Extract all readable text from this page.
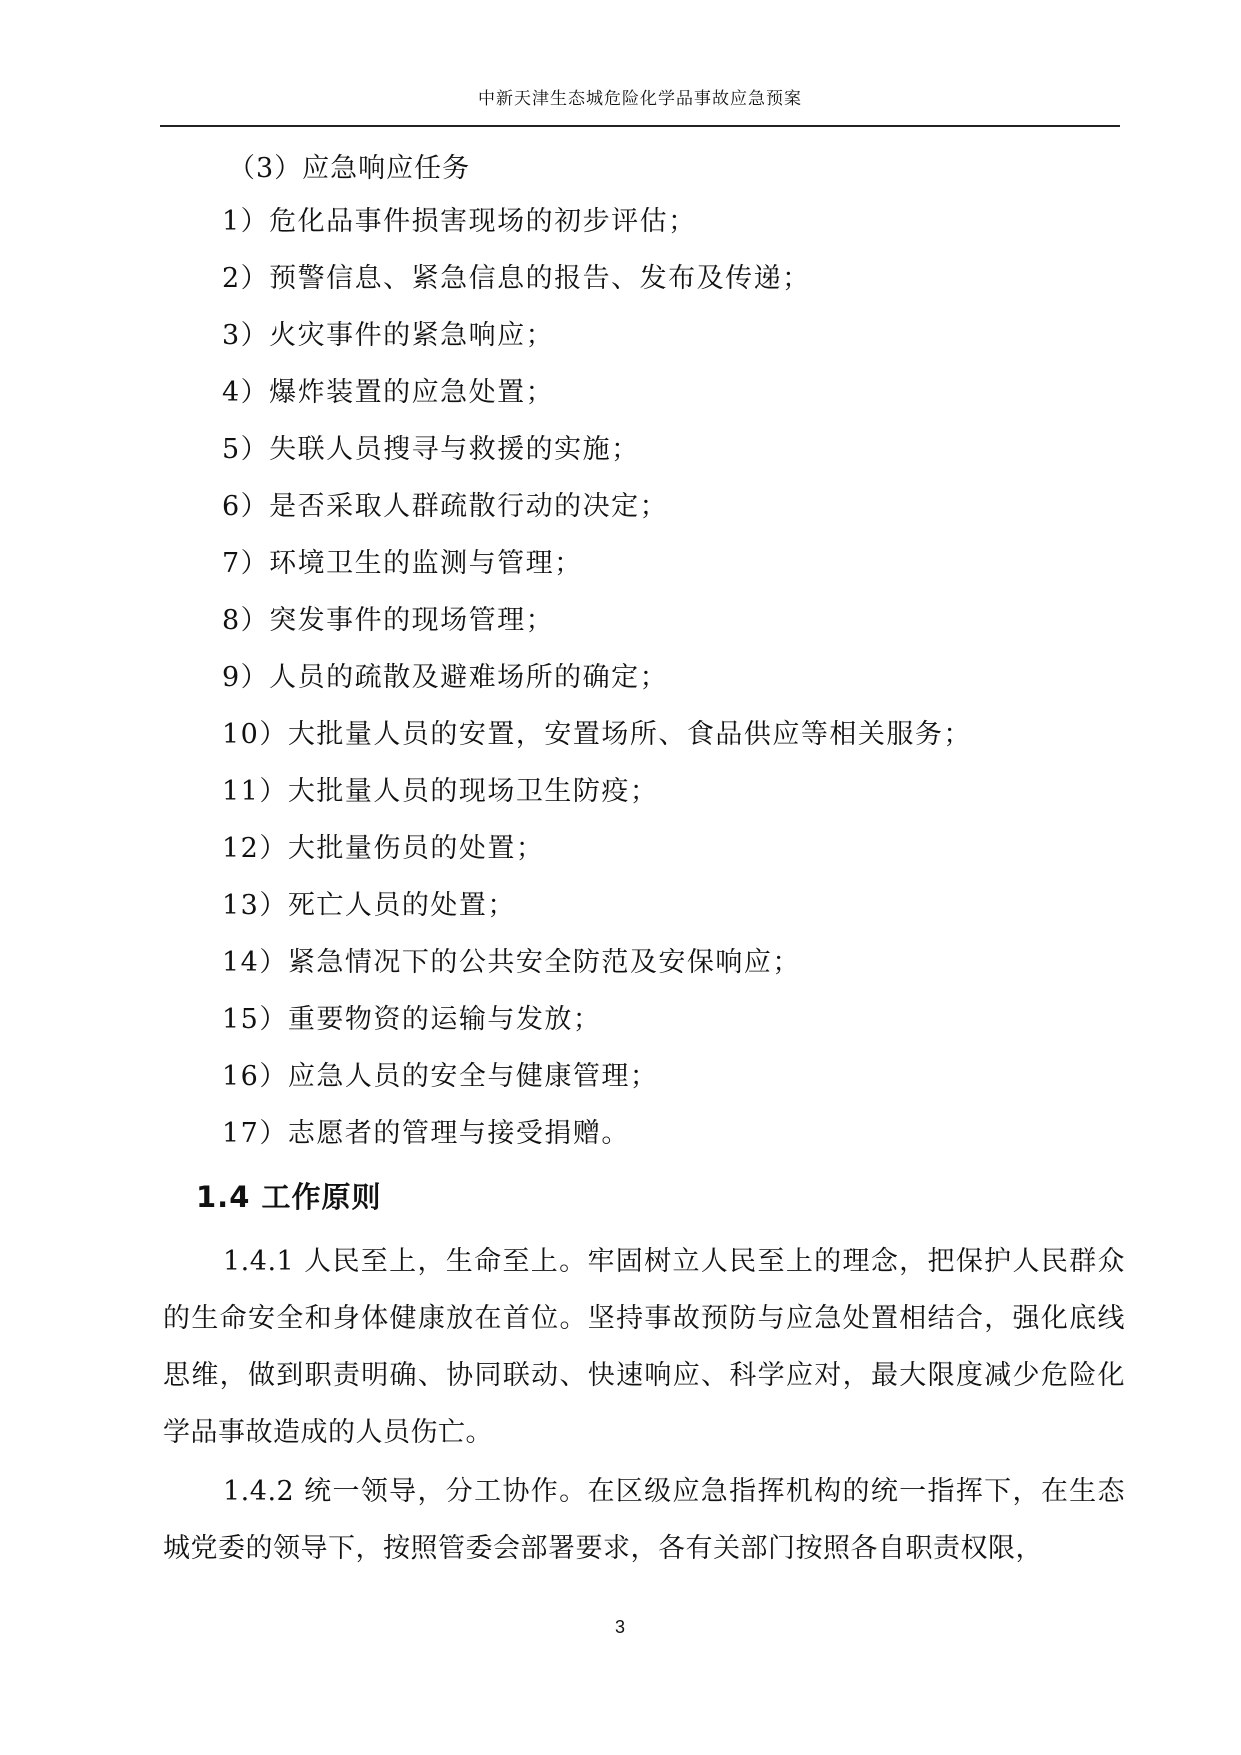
中新天津生态城危险化学品事故应急预案
（3）应急响应任务
1）危化品事件损害现场的初步评估；
2）预警信息、紧急信息的报告、发布及传递；
3）火灾事件的紧急响应；
4）爆炸装置的应急处置；
5）失联人员搜寻与救援的实施；
6）是否采取人群疏散行动的决定；
7）环境卫生的监测与管理；
8）突发事件的现场管理；
9）人员的疏散及避难场所的确定；
10）大批量人员的安置，安置场所、食品供应等相关服务；
11）大批量人员的现场卫生防疫；
12）大批量伤员的处置；
13）死亡人员的处置；
14）紧急情况下的公共安全防范及安保响应；
15）重要物资的运输与发放；
16）应急人员的安全与健康管理；
17）志愿者的管理与接受捐赠。
1.4 工作原则

1.4.1 人民至上，生命至上。牢固树立人民至上的理念，把保护人民群众的生命安全和身体健康放在首位。坚持事故预防与应急处置相结合，强化底线思维，做到职责明确、协同联动、快速响应、科学应对，最大限度减少危险化学品事故造成的人员伤亡。

1.4.2 统一领导，分工协作。在区级应急指挥机构的统一指挥下，在生态城党委的领导下，按照管委会部署要求，各有关部门按照各自职责权限，

3
